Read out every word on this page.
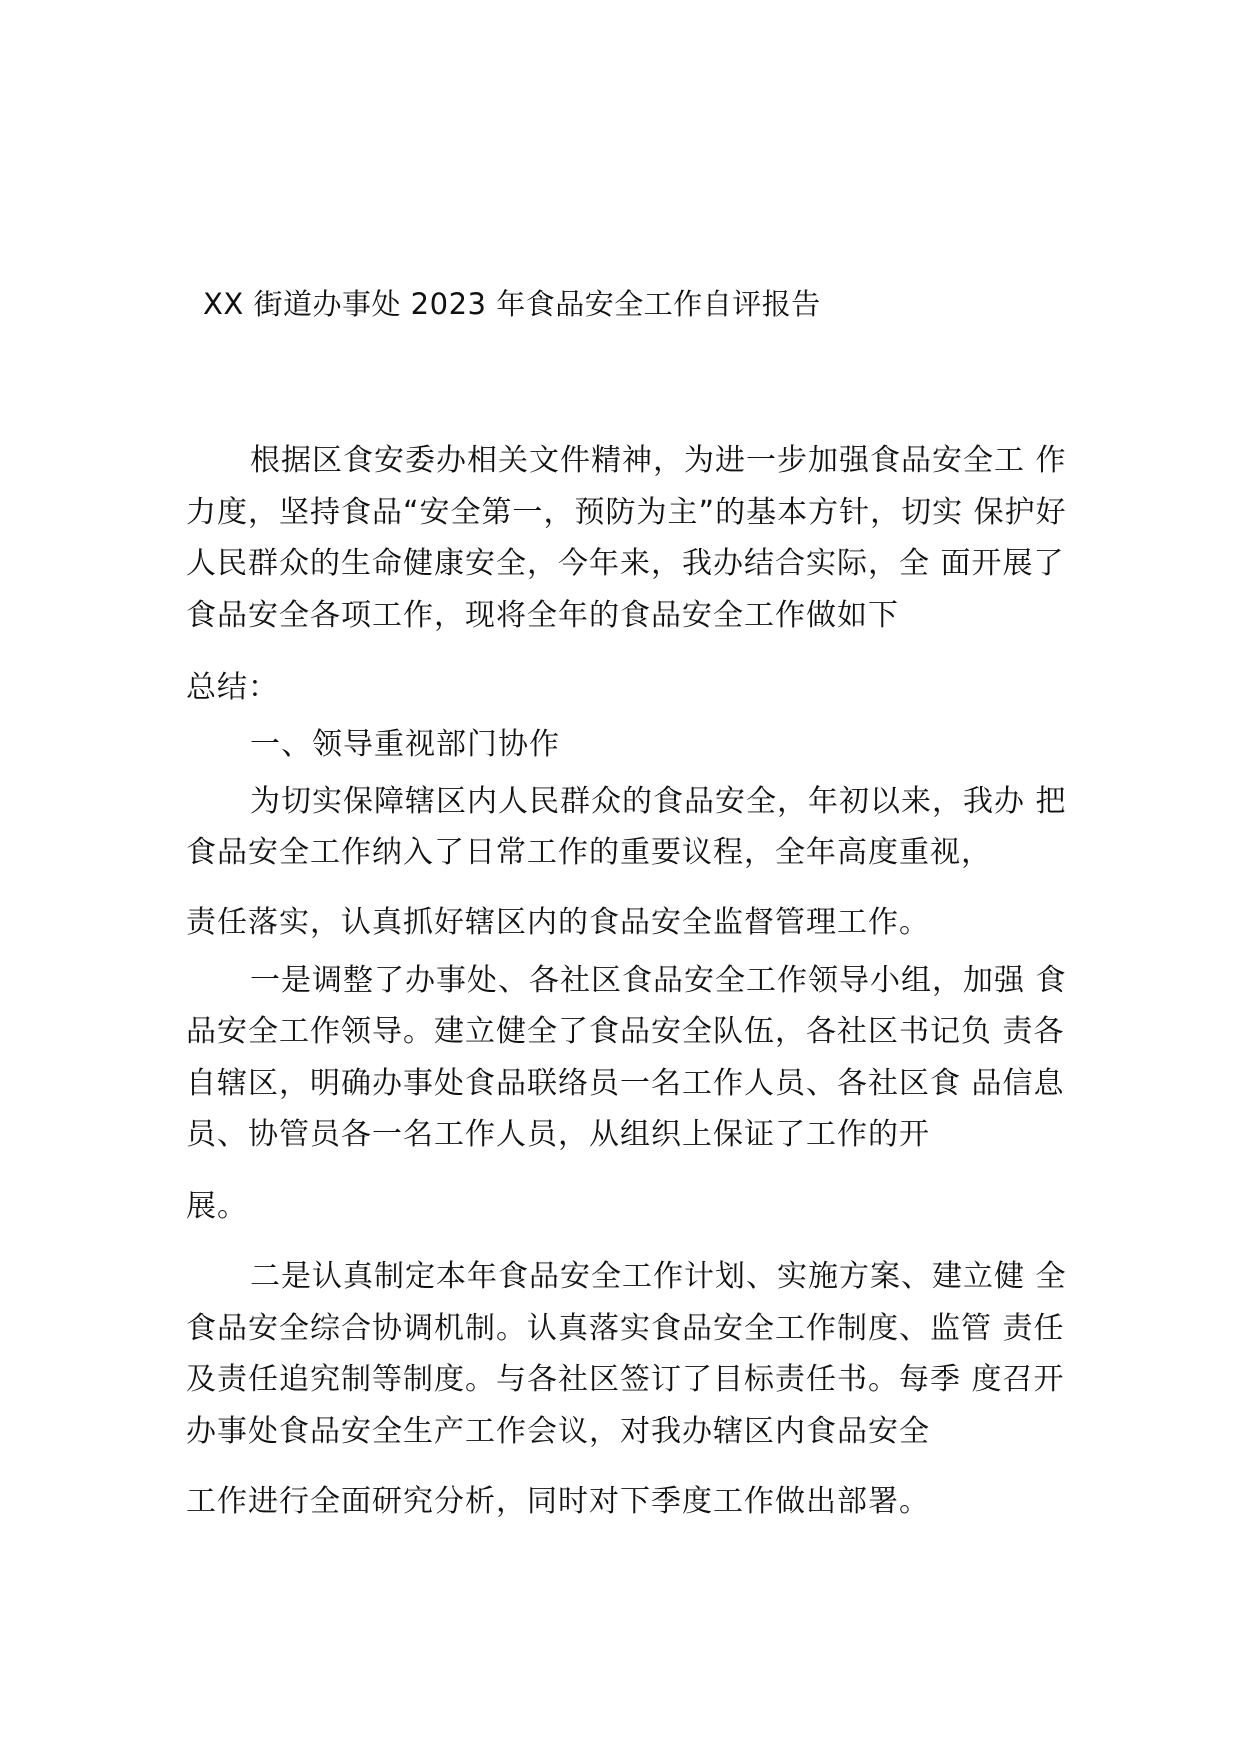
XX 街道办事处 2023 年食品安全工作自评报告
根据区食安委办相关文件精神，为进一步加强食品安全工 作
力度，坚持食品“安全第一，预防为主”的基本方针，切实 保护好
人民群众的生命健康安全，今年来，我办结合实际，全 面开展了
食品安全各项工作，现将全年的食品安全工作做如下
总结：
一、领导重视部门协作
为切实保障辖区内人民群众的食品安全，年初以来，我办 把
食品安全工作纳入了日常工作的重要议程，全年高度重视，
责任落实，认真抓好辖区内的食品安全监督管理工作。
一是调整了办事处、各社区食品安全工作领导小组，加强 食
品安全工作领导。建立健全了食品安全队伍，各社区书记负 责各
自辖区，明确办事处食品联络员一名工作人员、各社区食 品信息
员、协管员各一名工作人员，从组织上保证了工作的开
展。
二是认真制定本年食品安全工作计划、实施方案、建立健 全
食品安全综合协调机制。认真落实食品安全工作制度、监管 责任
及责任追究制等制度。与各社区签订了目标责任书。每季 度召开
办事处食品安全生产工作会议，对我办辖区内食品安全
工作进行全面研究分析，同时对下季度工作做出部署。
